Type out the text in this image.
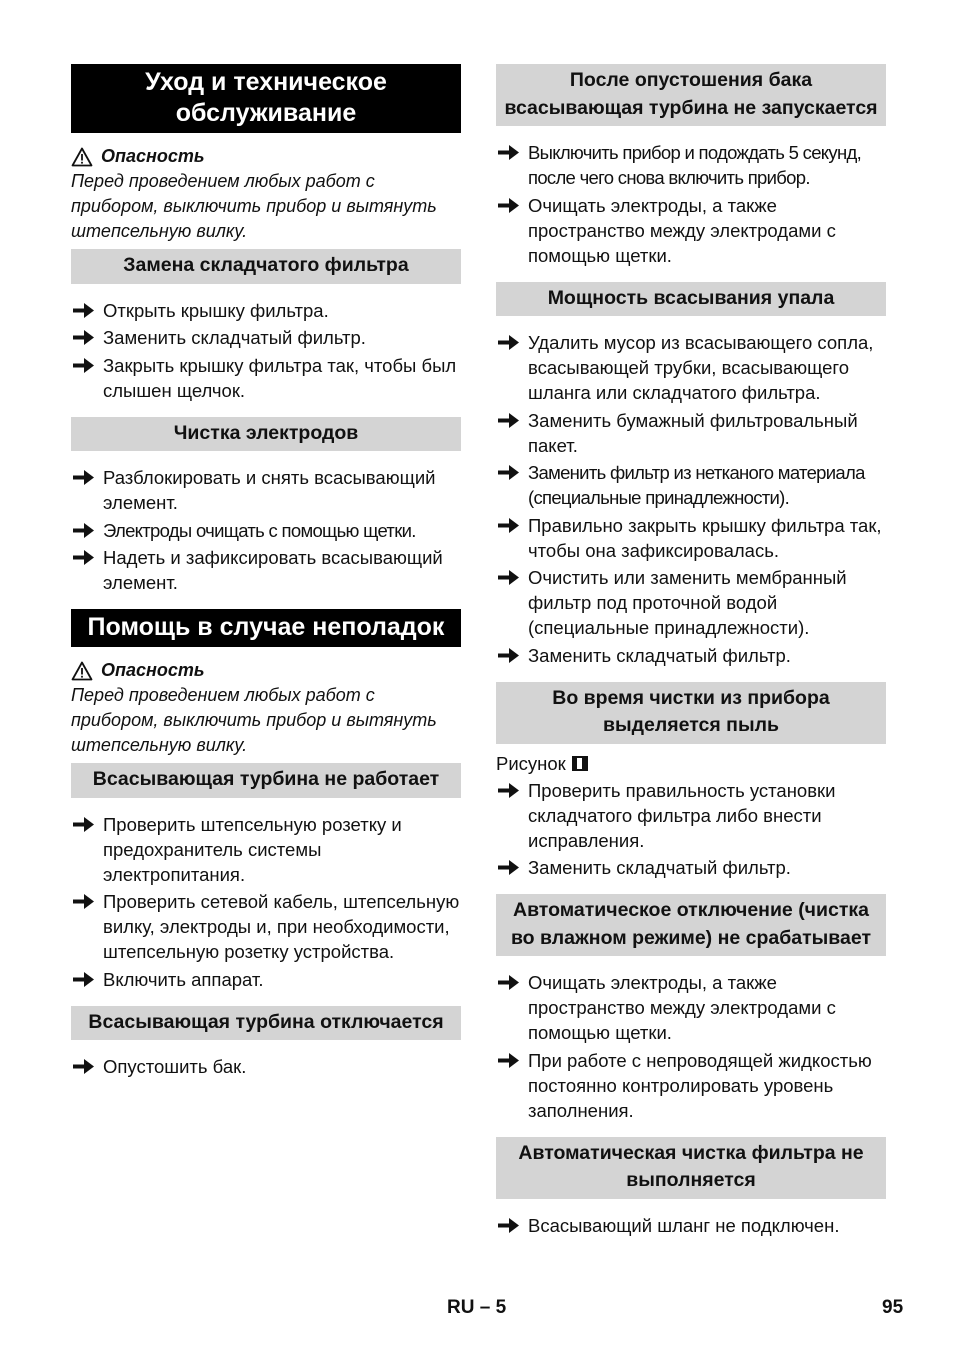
Уход и техническое обслуживание
Опасность
Перед проведением любых работ с прибором, выключить прибор и вытянуть штепсельную вилку.
Замена складчатого фильтра
Открыть крышку фильтра.
Заменить складчатый фильтр.
Закрыть крышку фильтра так, чтобы был слышен щелчок.
Чистка электродов
Разблокировать и снять всасывающий элемент.
Электроды очищать с помощью щетки.
Надеть и зафиксировать всасывающий элемент.
Помощь в случае неполадок
Опасность
Перед проведением любых работ с прибором, выключить прибор и вытянуть штепсельную вилку.
Всасывающая турбина не работает
Проверить штепсельную розетку и предохранитель системы электропитания.
Проверить сетевой кабель, штепсельную вилку, электроды и, при необходимости, штепсельную розетку устройства.
Включить аппарат.
Всасывающая турбина отключается
Опустошить бак.
После опустошения бака всасывающая турбина не запускается
Выключить прибор и подождать 5 секунд, после чего снова включить прибор.
Очищать электроды, а также пространство между электродами с помощью щетки.
Мощность всасывания упала
Удалить мусор из всасывающего сопла, всасывающей трубки, всасывающего шланга или складчатого фильтра.
Заменить бумажный фильтровальный пакет.
Заменить фильтр из нетканого материала (специальные принадлежности).
Правильно закрыть крышку фильтра так, чтобы она зафиксировалась.
Очистить или заменить мембранный фильтр под проточной водой (специальные принадлежности).
Заменить складчатый фильтр.
Во время чистки из прибора выделяется пыль
Рисунок
Проверить правильность установки складчатого фильтра либо внести исправления.
Заменить складчатый фильтр.
Автоматическое отключение (чистка во влажном режиме) не срабатывает
Очищать электроды, а также пространство между электродами с помощью щетки.
При работе с непроводящей жидкостью постоянно контролировать уровень заполнения.
Автоматическая чистка фильтра не выполняется
Всасывающий шланг не подключен.
RU – 5	95
